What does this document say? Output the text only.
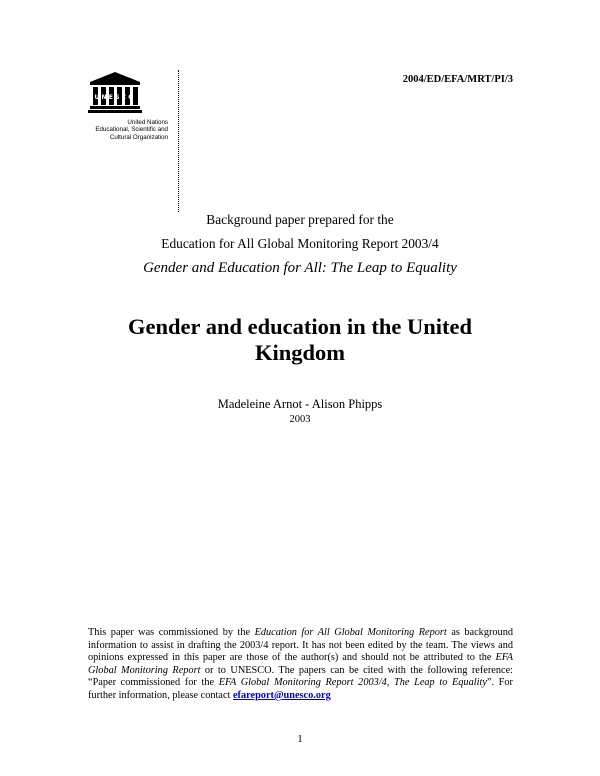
UNESCO
United Nations
Educational, Scientific and
Cultural Organization
2004/ED/EFA/MRT/PI/3
Background paper prepared for the
Education for All Global Monitoring Report 2003/4
Gender and Education for All: The Leap to Equality
Gender and education in the United
Kingdom
Madeleine Arnot - Alison Phipps
2003
This paper was commissioned by the Education for All Global Monitoring Report as background information to assist in drafting the 2003/4 report. It has not been edited by the team. The views and opinions expressed in this paper are those of the author(s) and should not be attributed to the EFA Global Monitoring Report or to UNESCO. The papers can be cited with the following reference: “Paper commissioned for the EFA Global Monitoring Report 2003/4, The Leap to Equality”. For further information, please contact efareport@unesco.org
1
